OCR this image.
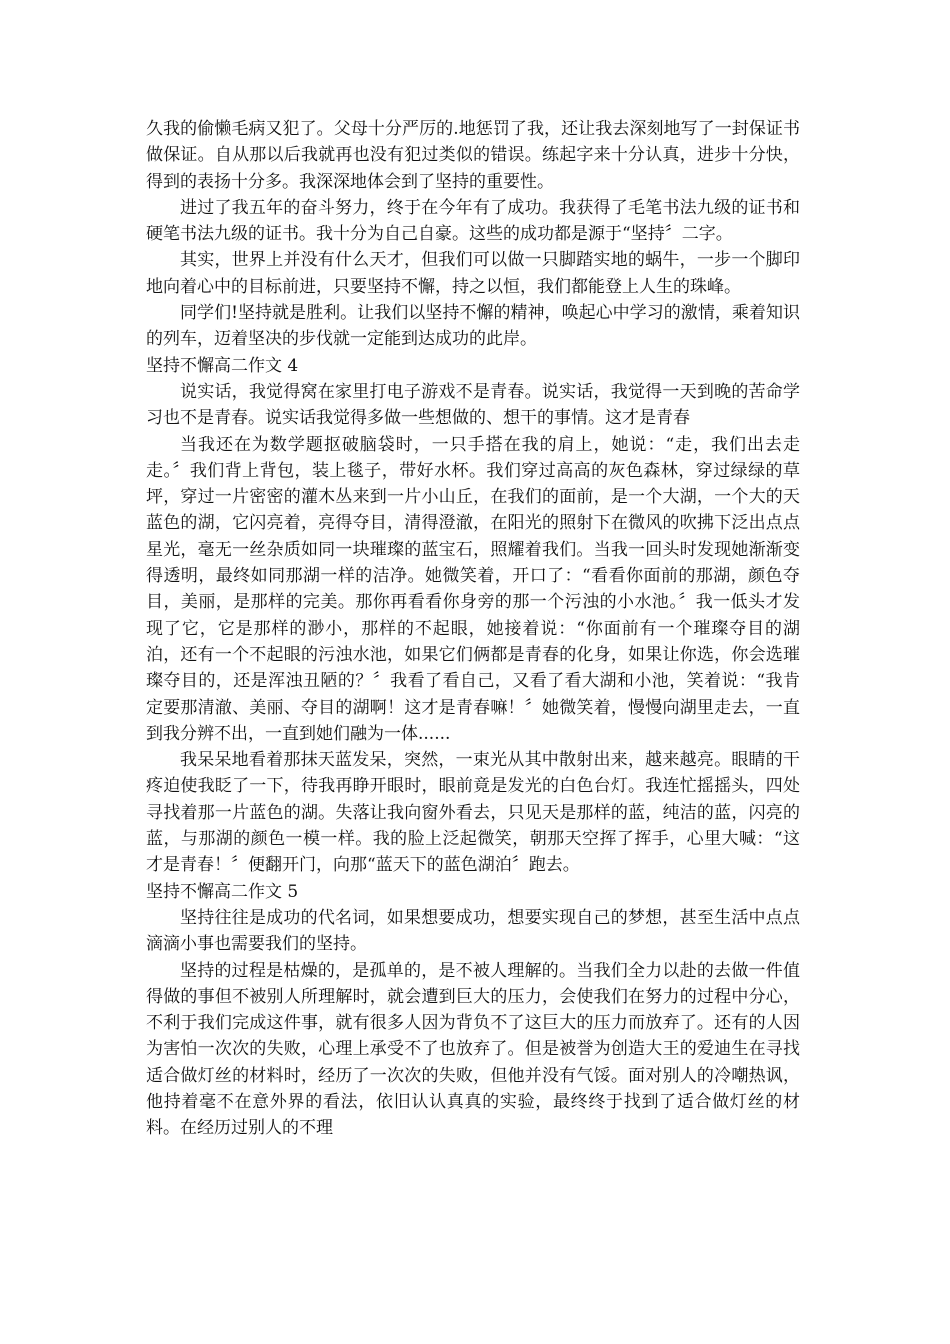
久我的偷懒毛病又犯了。父母十分严厉的.地惩罚了我，还让我去深刻地写了一封保证书做保证。自从那以后我就再也没有犯过类似的错误。练起字来十分认真，进步十分快，得到的表扬十分多。我深深地体会到了坚持的重要性。

进过了我五年的奋斗努力，终于在今年有了成功。我获得了毛笔书法九级的证书和硬笔书法九级的证书。我十分为自己自豪。这些的成功都是源于“坚持〞二字。

其实，世界上并没有什么天才，但我们可以做一只脚踏实地的蜗牛，一步一个脚印地向着心中的目标前进，只要坚持不懈，持之以恒，我们都能登上人生的珠峰。

同学们!坚持就是胜利。让我们以坚持不懈的精神，唤起心中学习的激情，乘着知识的列车，迈着坚决的步伐就一定能到达成功的此岸。

坚持不懈高二作文 4

说实话，我觉得窝在家里打电子游戏不是青春。说实话，我觉得一天到晚的苦命学习也不是青春。说实话我觉得多做一些想做的、想干的事情。这才是青春

当我还在为数学题抠破脑袋时，一只手搭在我的肩上，她说：“走，我们出去走走。〞我们背上背包，装上毯子，带好水杯。我们穿过高高的灰色森林，穿过绿绿的草坪，穿过一片密密的灌木丛来到一片小山丘，在我们的面前，是一个大湖，一个大的天蓝色的湖，它闪亮着，亮得夺目，清得澄澈，在阳光的照射下在微风的吹拂下泛出点点星光，毫无一丝杂质如同一块璀璨的蓝宝石，照耀着我们。当我一回头时发现她渐渐变得透明，最终如同那湖一样的洁净。她微笑着，开口了：“看看你面前的那湖，颜色夺目，美丽，是那样的完美。那你再看看你身旁的那一个污浊的小水池。〞我一低头才发现了它，它是那样的渺小，那样的不起眼，她接着说：“你面前有一个璀璨夺目的湖泊，还有一个不起眼的污浊水池，如果它们俩都是青春的化身，如果让你选，你会选璀璨夺目的，还是浑浊丑陋的？〞我看了看自己，又看了看大湖和小池，笑着说：“我肯定要那清澈、美丽、夺目的湖啊！这才是青春嘛！〞她微笑着，慢慢向湖里走去，一直到我分辨不出，一直到她们融为一体......

我呆呆地看着那抹天蓝发呆，突然，一束光从其中散射出来，越来越亮。眼睛的干疼迫使我眨了一下，待我再睁开眼时，眼前竟是发光的白色台灯。我连忙摇摇头，四处寻找着那一片蓝色的湖。失落让我向窗外看去，只见天是那样的蓝，纯洁的蓝，闪亮的蓝，与那湖的颜色一模一样。我的脸上泛起微笑，朝那天空挥了挥手，心里大喊：“这才是青春！〞便翻开门，向那“蓝天下的蓝色湖泊〞跑去。

坚持不懈高二作文 5

坚持往往是成功的代名词，如果想要成功，想要实现自己的梦想，甚至生活中点点滴滴小事也需要我们的坚持。

坚持的过程是枯燥的，是孤单的，是不被人理解的。当我们全力以赴的去做一件值得做的事但不被别人所理解时，就会遭到巨大的压力，会使我们在努力的过程中分心，不利于我们完成这件事，就有很多人因为背负不了这巨大的压力而放弃了。还有的人因为害怕一次次的失败，心理上承受不了也放弃了。但是被誉为创造大王的爱迪生在寻找适合做灯丝的材料时，经历了一次次的失败，但他并没有气馁。面对别人的冷嘲热讽，他持着毫不在意外界的看法，依旧认认真真的实验，最终终于找到了适合做灯丝的材料。在经历过别人的不理
